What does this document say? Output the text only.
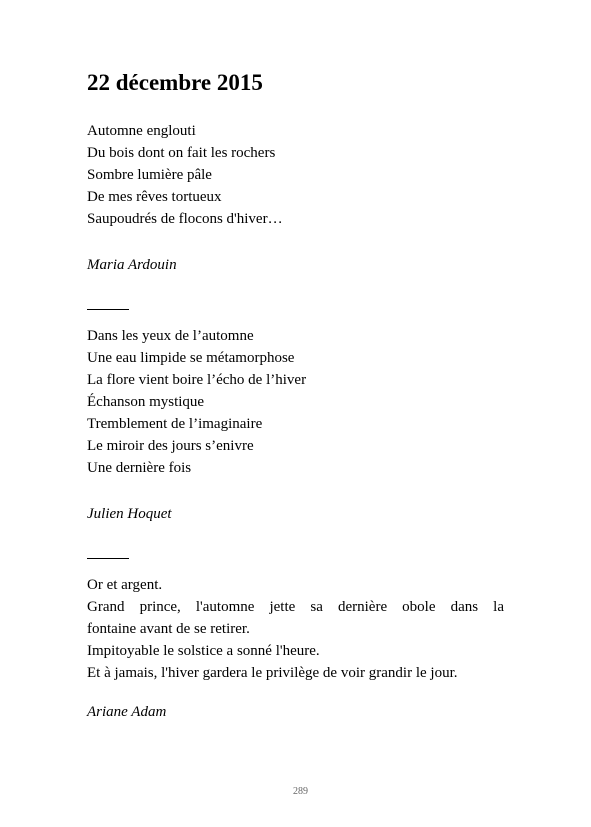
22 décembre 2015
Automne englouti
Du bois dont on fait les rochers
Sombre lumière pâle
De mes rêves tortueux
Saupoudrés de flocons d'hiver…
Maria Ardouin
Dans les yeux de l’automne
Une eau limpide se métamorphose
La flore vient boire l’écho de l’hiver
Échanson mystique
Tremblement de l’imaginaire
Le miroir des jours s’enivre
Une dernière fois
Julien Hoquet
Or et argent.
Grand prince, l'automne jette sa dernière obole dans la
fontaine avant de se retirer.
Impitoyable le solstice a sonné l'heure.
Et à jamais, l'hiver gardera le privilège de voir grandir le jour.
Ariane Adam
289
